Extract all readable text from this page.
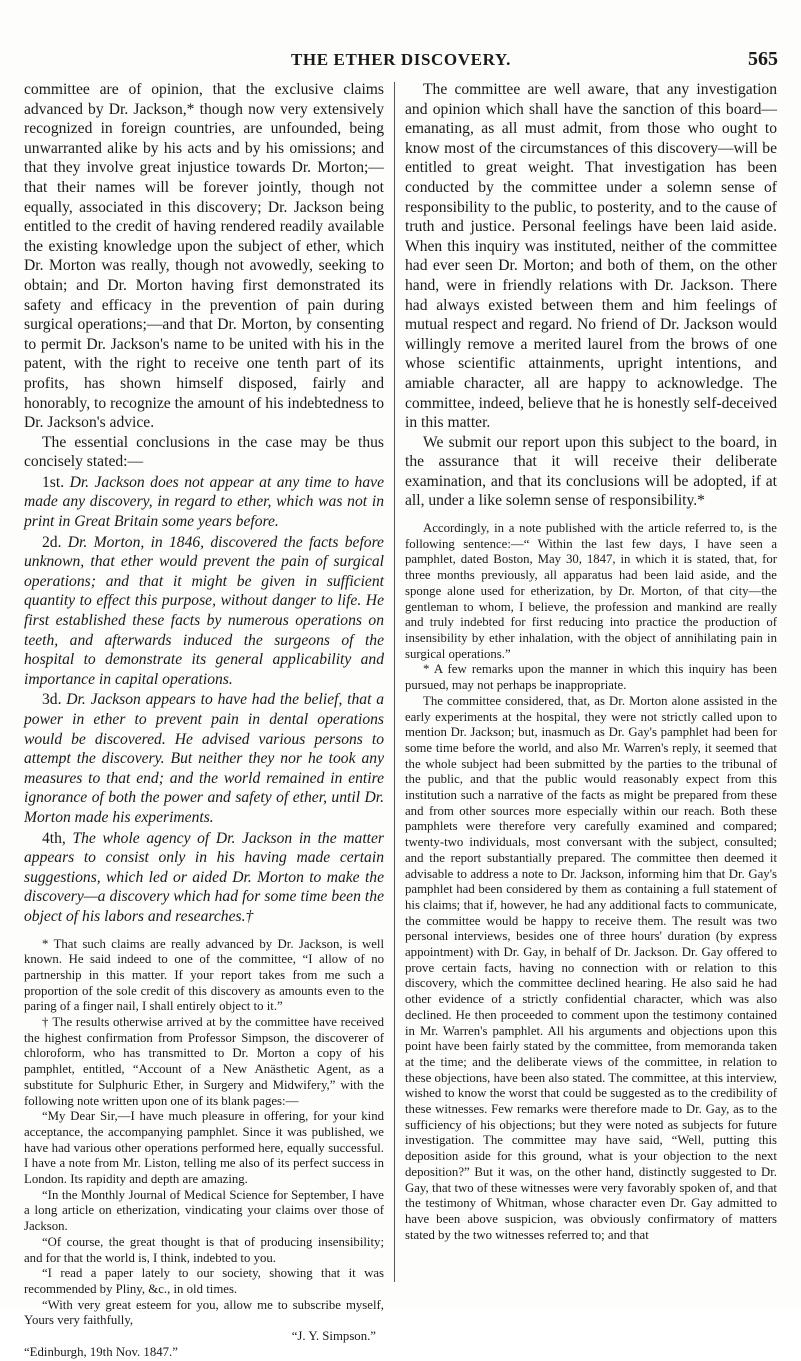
THE ETHER DISCOVERY.	565

committee are of opinion, that the exclusive claims advanced by Dr. Jackson,* though now very extensively recognized in foreign countries, are unfounded, being unwarranted alike by his acts and by his omissions; and that they involve great injustice towards Dr. Morton;—that their names will be forever jointly, though not equally, associated in this discovery; Dr. Jackson being entitled to the credit of having rendered readily available the existing knowledge upon the subject of ether, which Dr. Morton was really, though not avowedly, seeking to obtain; and Dr. Morton having first demonstrated its safety and efficacy in the prevention of pain during surgical operations;—and that Dr. Morton, by consenting to permit Dr. Jackson's name to be united with his in the patent, with the right to receive one tenth part of its profits, has shown himself disposed, fairly and honorably, to recognize the amount of his indebtedness to Dr. Jackson's advice.

The essential conclusions in the case may be thus concisely stated:—

1st. Dr. Jackson does not appear at any time to have made any discovery, in regard to ether, which was not in print in Great Britain some years before.

2d. Dr. Morton, in 1846, discovered the facts before unknown, that ether would prevent the pain of surgical operations; and that it might be given in sufficient quantity to effect this purpose, without danger to life. He first established these facts by numerous operations on teeth, and afterwards induced the surgeons of the hospital to demonstrate its general applicability and importance in capital operations.

3d. Dr. Jackson appears to have had the belief, that a power in ether to prevent pain in dental operations would be discovered. He advised various persons to attempt the discovery. But neither they nor he took any measures to that end; and the world remained in entire ignorance of both the power and safety of ether, until Dr. Morton made his experiments.

4th, The whole agency of Dr. Jackson in the matter appears to consist only in his having made certain suggestions, which led or aided Dr. Morton to make the discovery—a discovery which had for some time been the object of his labors and researches.†

* That such claims are really advanced by Dr. Jackson, is well known. He said indeed to one of the committee, “I allow of no partnership in this matter. If your report takes from me such a proportion of the sole credit of this discovery as amounts even to the paring of a finger nail, I shall entirely object to it.”

† The results otherwise arrived at by the committee have received the highest confirmation from Professor Simpson, the discoverer of chloroform, who has transmitted to Dr. Morton a copy of his pamphlet, entitled, “Account of a New Anästhetic Agent, as a substitute for Sulphuric Ether, in Surgery and Midwifery,” with the following note written upon one of its blank pages:—

“My Dear Sir,—I have much pleasure in offering, for your kind acceptance, the accompanying pamphlet. Since it was published, we have had various other operations performed here, equally successful. I have a note from Mr. Liston, telling me also of its perfect success in London. Its rapidity and depth are amazing.

“In the Monthly Journal of Medical Science for September, I have a long article on etherization, vindicating your claims over those of Jackson.

“Of course, the great thought is that of producing insensibility; and for that the world is, I think, indebted to you.

“I read a paper lately to our society, showing that it was recommended by Pliny, &c., in old times.

“With very great esteem for you, allow me to subscribe myself, Yours very faithfully,

“J. Y. Simpson.”

“Edinburgh, 19th Nov. 1847.”

The committee are well aware, that any investigation and opinion which shall have the sanction of this board—emanating, as all must admit, from those who ought to know most of the circumstances of this discovery—will be entitled to great weight. That investigation has been conducted by the committee under a solemn sense of responsibility to the public, to posterity, and to the cause of truth and justice. Personal feelings have been laid aside. When this inquiry was instituted, neither of the committee had ever seen Dr. Morton; and both of them, on the other hand, were in friendly relations with Dr. Jackson. There had always existed between them and him feelings of mutual respect and regard. No friend of Dr. Jackson would willingly remove a merited laurel from the brows of one whose scientific attainments, upright intentions, and amiable character, all are happy to acknowledge. The committee, indeed, believe that he is honestly self-deceived in this matter.

We submit our report upon this subject to the board, in the assurance that it will receive their deliberate examination, and that its conclusions will be adopted, if at all, under a like solemn sense of responsibility.*

Accordingly, in a note published with the article referred to, is the following sentence:—“ Within the last few days, I have seen a pamphlet, dated Boston, May 30, 1847, in which it is stated, that, for three months previously, all apparatus had been laid aside, and the sponge alone used for etherization, by Dr. Morton, of that city—the gentleman to whom, I believe, the profession and mankind are really and truly indebted for first reducing into practice the production of insensibility by ether inhalation, with the object of annihilating pain in surgical operations.”

* A few remarks upon the manner in which this inquiry has been pursued, may not perhaps be inappropriate.

The committee considered, that, as Dr. Morton alone assisted in the early experiments at the hospital, they were not strictly called upon to mention Dr. Jackson; but, inasmuch as Dr. Gay's pamphlet had been for some time before the world, and also Mr. Warren's reply, it seemed that the whole subject had been submitted by the parties to the tribunal of the public, and that the public would reasonably expect from this institution such a narrative of the facts as might be prepared from these and from other sources more especially within our reach. Both these pamphlets were therefore very carefully examined and compared; twenty-two individuals, most conversant with the subject, consulted; and the report substantially prepared. The committee then deemed it advisable to address a note to Dr. Jackson, informing him that Dr. Gay's pamphlet had been considered by them as containing a full statement of his claims; that if, however, he had any additional facts to communicate, the committee would be happy to receive them. The result was two personal interviews, besides one of three hours' duration (by express appointment) with Dr. Gay, in behalf of Dr. Jackson. Dr. Gay offered to prove certain facts, having no connection with or relation to this discovery, which the committee declined hearing. He also said he had other evidence of a strictly confidential character, which was also declined. He then proceeded to comment upon the testimony contained in Mr. Warren's pamphlet. All his arguments and objections upon this point have been fairly stated by the committee, from memoranda taken at the time; and the deliberate views of the committee, in relation to these objections, have been also stated. The committee, at this interview, wished to know the worst that could be suggested as to the credibility of these witnesses. Few remarks were therefore made to Dr. Gay, as to the sufficiency of his objections; but they were noted as subjects for future investigation. The committee may have said, “Well, putting this deposition aside for this ground, what is your objection to the next deposition?” But it was, on the other hand, distinctly suggested to Dr. Gay, that two of these witnesses were very favorably spoken of, and that the testimony of Whitman, whose character even Dr. Gay admitted to have been above suspicion, was obviously confirmatory of matters stated by the two witnesses referred to; and that
